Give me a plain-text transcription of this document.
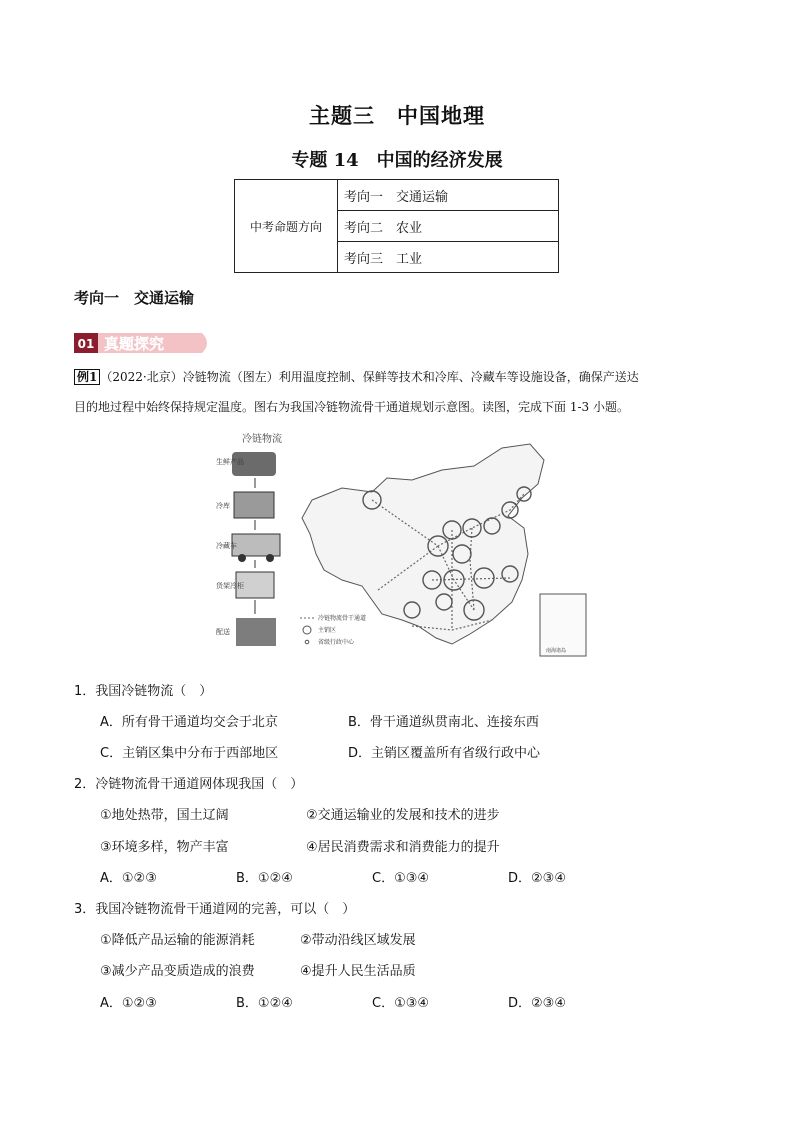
主题三　中国地理
专题 14　中国的经济发展
中考命题方向	考向一　交通运输
考向二　农业
考向三　工业
考向一　交通运输
01 真题探究
例1 （2022·北京）冷链物流（图左）利用温度控制、保鲜等技术和冷库、冷藏车等设施设备，确保产送达
目的地过程中始终保持规定温度。图右为我国冷链物流骨干通道规划示意图。读图，完成下面 1-3 小题。
冷链物流
生鲜产品
冷库
冷藏车
货架冷柜
配送
冷链物流骨干通道
主销区
省级行政中心
南海诸岛
1．我国冷链物流（　）
A．所有骨干通道均交会于北京	B．骨干通道纵贯南北、连接东西
C．主销区集中分布于西部地区	D．主销区覆盖所有省级行政中心
2．冷链物流骨干通道网体现我国（　）
①地处热带，国土辽阔	②交通运输业的发展和技术的进步
③环境多样，物产丰富	④居民消费需求和消费能力的提升
A．①②③	B．①②④	C．①③④	D．②③④
3．我国冷链物流骨干通道网的完善，可以（　）
①降低产品运输的能源消耗	②带动沿线区域发展
③减少产品变质造成的浪费	④提升人民生活品质
A．①②③	B．①②④	C．①③④	D．②③④
